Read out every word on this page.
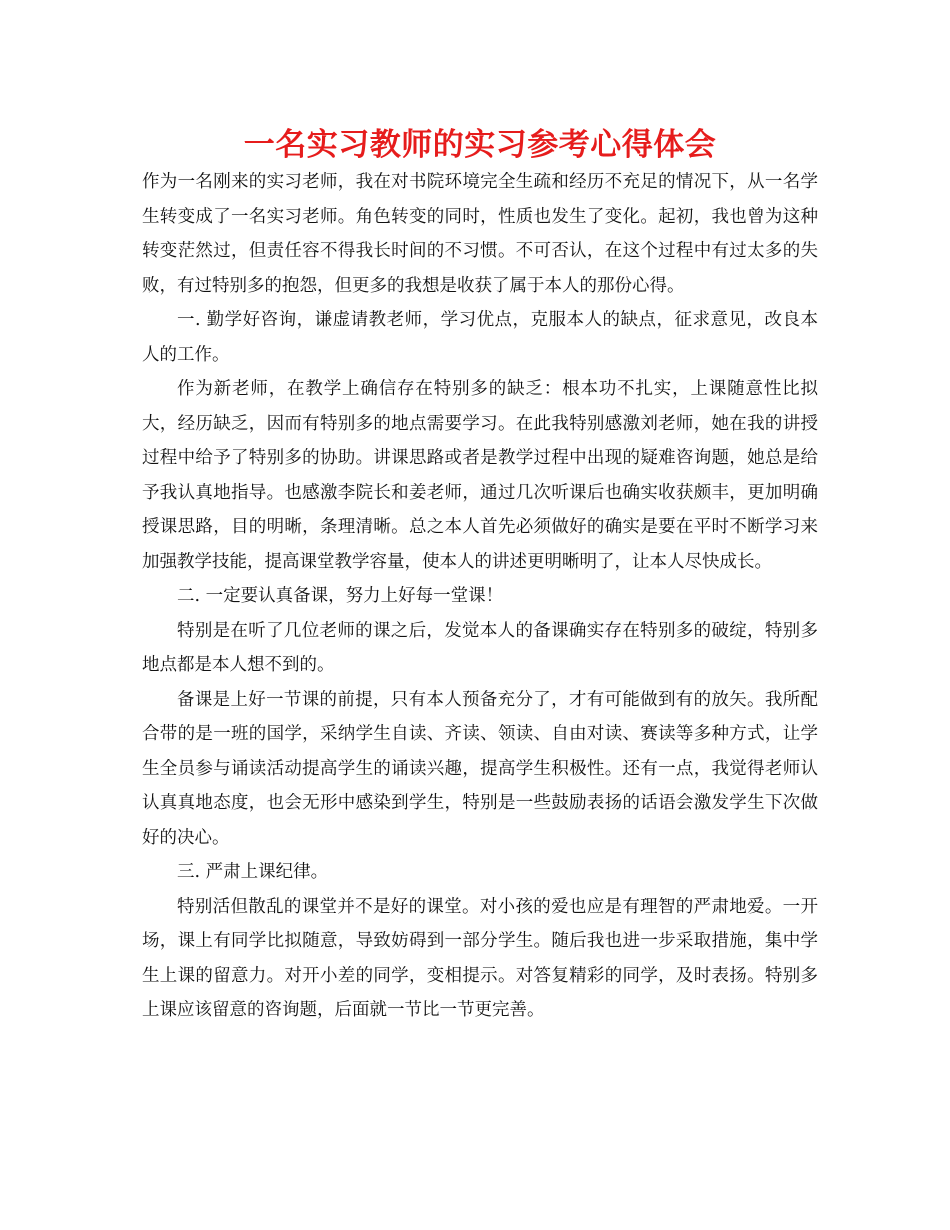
一名实习教师的实习参考心得体会

作为一名刚来的实习老师，我在对书院环境完全生疏和经历不充足的情况下，从一名学生转变成了一名实习老师。角色转变的同时，性质也发生了变化。起初，我也曾为这种转变茫然过，但责任容不得我长时间的不习惯。不可否认，在这个过程中有过太多的失败，有过特别多的抱怨，但更多的我想是收获了属于本人的那份心得。

一. 勤学好咨询，谦虚请教老师，学习优点，克服本人的缺点，征求意见，改良本人的工作。

作为新老师，在教学上确信存在特别多的缺乏：根本功不扎实，上课随意性比拟大，经历缺乏，因而有特别多的地点需要学习。在此我特别感激刘老师，她在我的讲授过程中给予了特别多的协助。讲课思路或者是教学过程中出现的疑难咨询题，她总是给予我认真地指导。也感激李院长和姜老师，通过几次听课后也确实收获颇丰，更加明确授课思路，目的明晰，条理清晰。总之本人首先必须做好的确实是要在平时不断学习来加强教学技能，提高课堂教学容量，使本人的讲述更明晰明了，让本人尽快成长。

二. 一定要认真备课，努力上好每一堂课！

特别是在听了几位老师的课之后，发觉本人的备课确实存在特别多的破绽，特别多地点都是本人想不到的。

备课是上好一节课的前提，只有本人预备充分了，才有可能做到有的放矢。我所配合带的是一班的国学，采纳学生自读、齐读、领读、自由对读、赛读等多种方式，让学生全员参与诵读活动提高学生的诵读兴趣，提高学生积极性。还有一点，我觉得老师认认真真地态度，也会无形中感染到学生，特别是一些鼓励表扬的话语会激发学生下次做好的决心。

三. 严肃上课纪律。

特别活但散乱的课堂并不是好的课堂。对小孩的爱也应是有理智的严肃地爱。一开场，课上有同学比拟随意，导致妨碍到一部分学生。随后我也进一步采取措施，集中学生上课的留意力。对开小差的同学，变相提示。对答复精彩的同学，及时表扬。特别多上课应该留意的咨询题，后面就一节比一节更完善。
